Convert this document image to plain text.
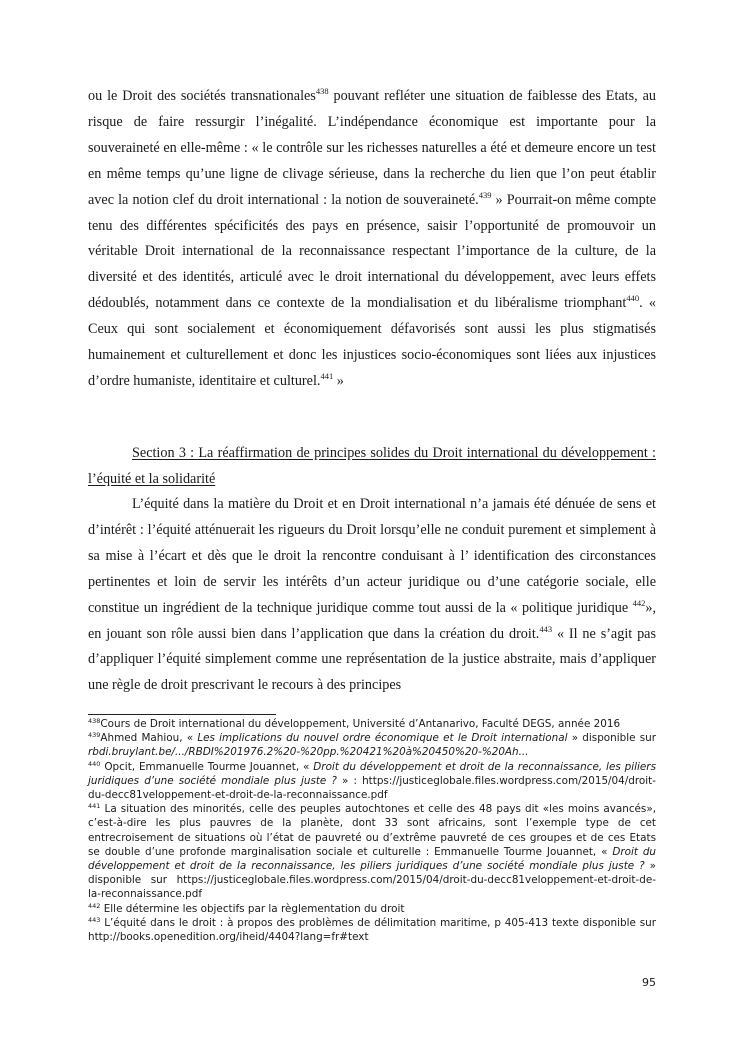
ou le Droit des sociétés transnationales$^{438}$ pouvant refléter une situation de faiblesse des Etats, au risque de faire ressurgir l’inégalité. L’indépendance économique est importante pour la souveraineté en elle-même : « le contrôle sur les richesses naturelles a été et demeure encore un test en même temps qu’une ligne de clivage sérieuse, dans la recherche du lien que l’on peut établir avec la notion clef du droit international : la notion de souveraineté.$^{439}$ » Pourrait-on même compte tenu des différentes spécificités des pays en présence, saisir l’opportunité de promouvoir un véritable Droit international de la reconnaissance respectant l’importance de la culture, de la diversité et des identités, articulé avec le droit international du développement, avec leurs effets dédoublés, notamment dans ce contexte de la mondialisation et du libéralisme triomphant$^{440}$. « Ceux qui sont socialement et économiquement défavorisés sont aussi les plus stigmatisés humainement et culturellement et donc les injustices socio-économiques sont liées aux injustices d’ordre humaniste, identitaire et culturel.$^{441}$ »

Section 3 : La réaffirmation de principes solides du Droit international du développement : l’équité et la solidarité

L’équité dans la matière du Droit et en Droit international n’a jamais été dénuée de sens et d’intérêt : l’équité atténuerait les rigueurs du Droit lorsqu’elle ne conduit purement et simplement à sa mise à l’écart et dès que le droit la rencontre conduisant à l’ identification des circonstances pertinentes et loin de servir les intérêts d’un acteur juridique ou d’une catégorie sociale, elle constitue un ingrédient de la technique juridique comme tout aussi de la « politique juridique $^{442}$», en jouant son rôle aussi bien dans l’application que dans la création du droit.$^{443}$ « Il ne s’agit pas d’appliquer l’équité simplement comme une représentation de la justice abstraite, mais d’appliquer une règle de droit prescrivant le recours à des principes

$^{438}$Cours de Droit international du développement, Université d’Antanarivo, Faculté DEGS, année 2016

$^{439}$Ahmed Mahiou, « Les implications du nouvel ordre économique et le Droit international » disponible sur rbdi.bruylant.be/.../RBDI%201976.2%20-%20pp.%20421%20à%20450%20-%20Ah...

$^{440}$ Opcit, Emmanuelle Tourme Jouannet, « Droit du développement et droit de la reconnaissance, les piliers juridiques d’une société mondiale plus juste ? » : https://justiceglobale.files.wordpress.com/2015/04/droit-du-decc81veloppement-et-droit-de-la-reconnaissance.pdf

$^{441}$ La situation des minorités, celle des peuples autochtones et celle des 48 pays dit «les moins avancés», c’est-à-dire les plus pauvres de la planète, dont 33 sont africains, sont l’exemple type de cet entrecroisement de situations où l’état de pauvreté ou d’extrême pauvreté de ces groupes et de ces Etats se double d’une profonde marginalisation sociale et culturelle : Emmanuelle Tourme Jouannet, « Droit du développement et droit de la reconnaissance, les piliers juridiques d’une société mondiale plus juste ? » disponible sur https://justiceglobale.files.wordpress.com/2015/04/droit-du-decc81veloppement-et-droit-de-la-reconnaissance.pdf

$^{442}$ Elle détermine les objectifs par la règlementation du droit

$^{443}$ L’équité dans le droit : à propos des problèmes de délimitation maritime, p 405-413 texte disponible sur http://books.openedition.org/iheid/4404?lang=fr#text

95
